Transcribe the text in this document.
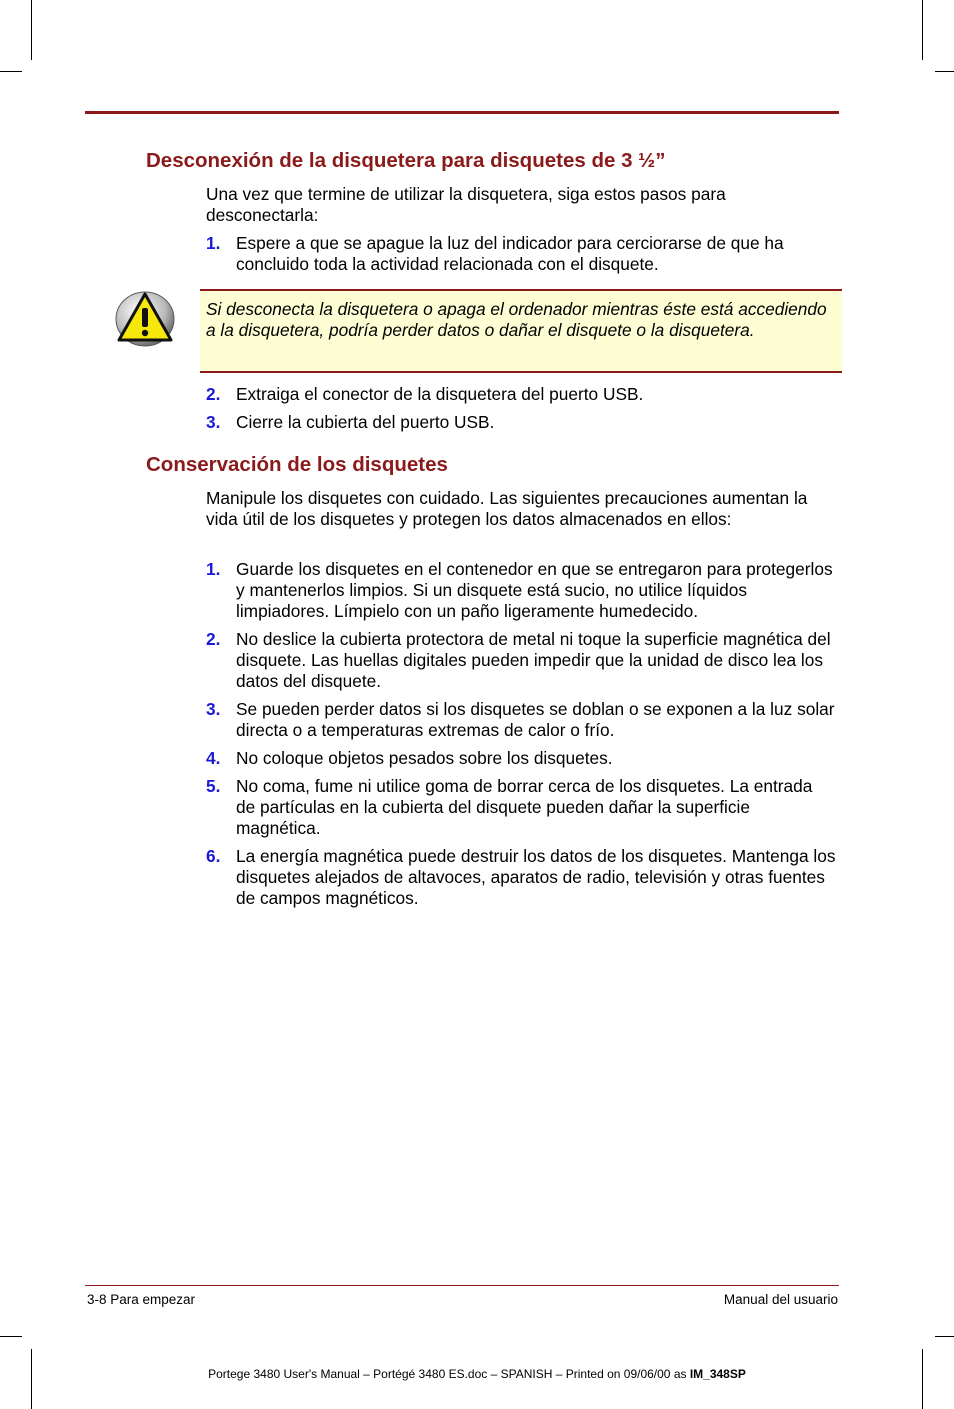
Desconexión de la disquetera para disquetes de 3 ½”

Una vez que termine de utilizar la disquetera, siga estos pasos para desconectarla:

1. Espere a que se apague la luz del indicador para cerciorarse de que ha concluido toda la actividad relacionada con el disquete.

Si desconecta la disquetera o apaga el ordenador mientras éste está accediendo a la disquetera, podría perder datos o dañar el disquete o la disquetera.

2. Extraiga el conector de la disquetera del puerto USB.
3. Cierre la cubierta del puerto USB.
Conservación de los disquetes

Manipule los disquetes con cuidado. Las siguientes precauciones aumentan la vida útil de los disquetes y protegen los datos almacenados en ellos:

1. Guarde los disquetes en el contenedor en que se entregaron para protegerlos y mantenerlos limpios. Si un disquete está sucio, no utilice líquidos limpiadores. Límpielo con un paño ligeramente humedecido.
2. No deslice la cubierta protectora de metal ni toque la superficie magnética del disquete. Las huellas digitales pueden impedir que la unidad de disco lea los datos del disquete.
3. Se pueden perder datos si los disquetes se doblan o se exponen a la luz solar directa o a temperaturas extremas de calor o frío.
4. No coloque objetos pesados sobre los disquetes.
5. No coma, fume ni utilice goma de borrar cerca de los disquetes. La entrada de partículas en la cubierta del disquete pueden dañar la superficie magnética.
6. La energía magnética puede destruir los datos de los disquetes. Mantenga los disquetes alejados de altavoces, aparatos de radio, televisión y otras fuentes de campos magnéticos.
3-8 Para empezar	Manual del usuario
Portege 3480 User's Manual – Portégé 3480 ES.doc – SPANISH – Printed on 09/06/00 as IM_348SP
